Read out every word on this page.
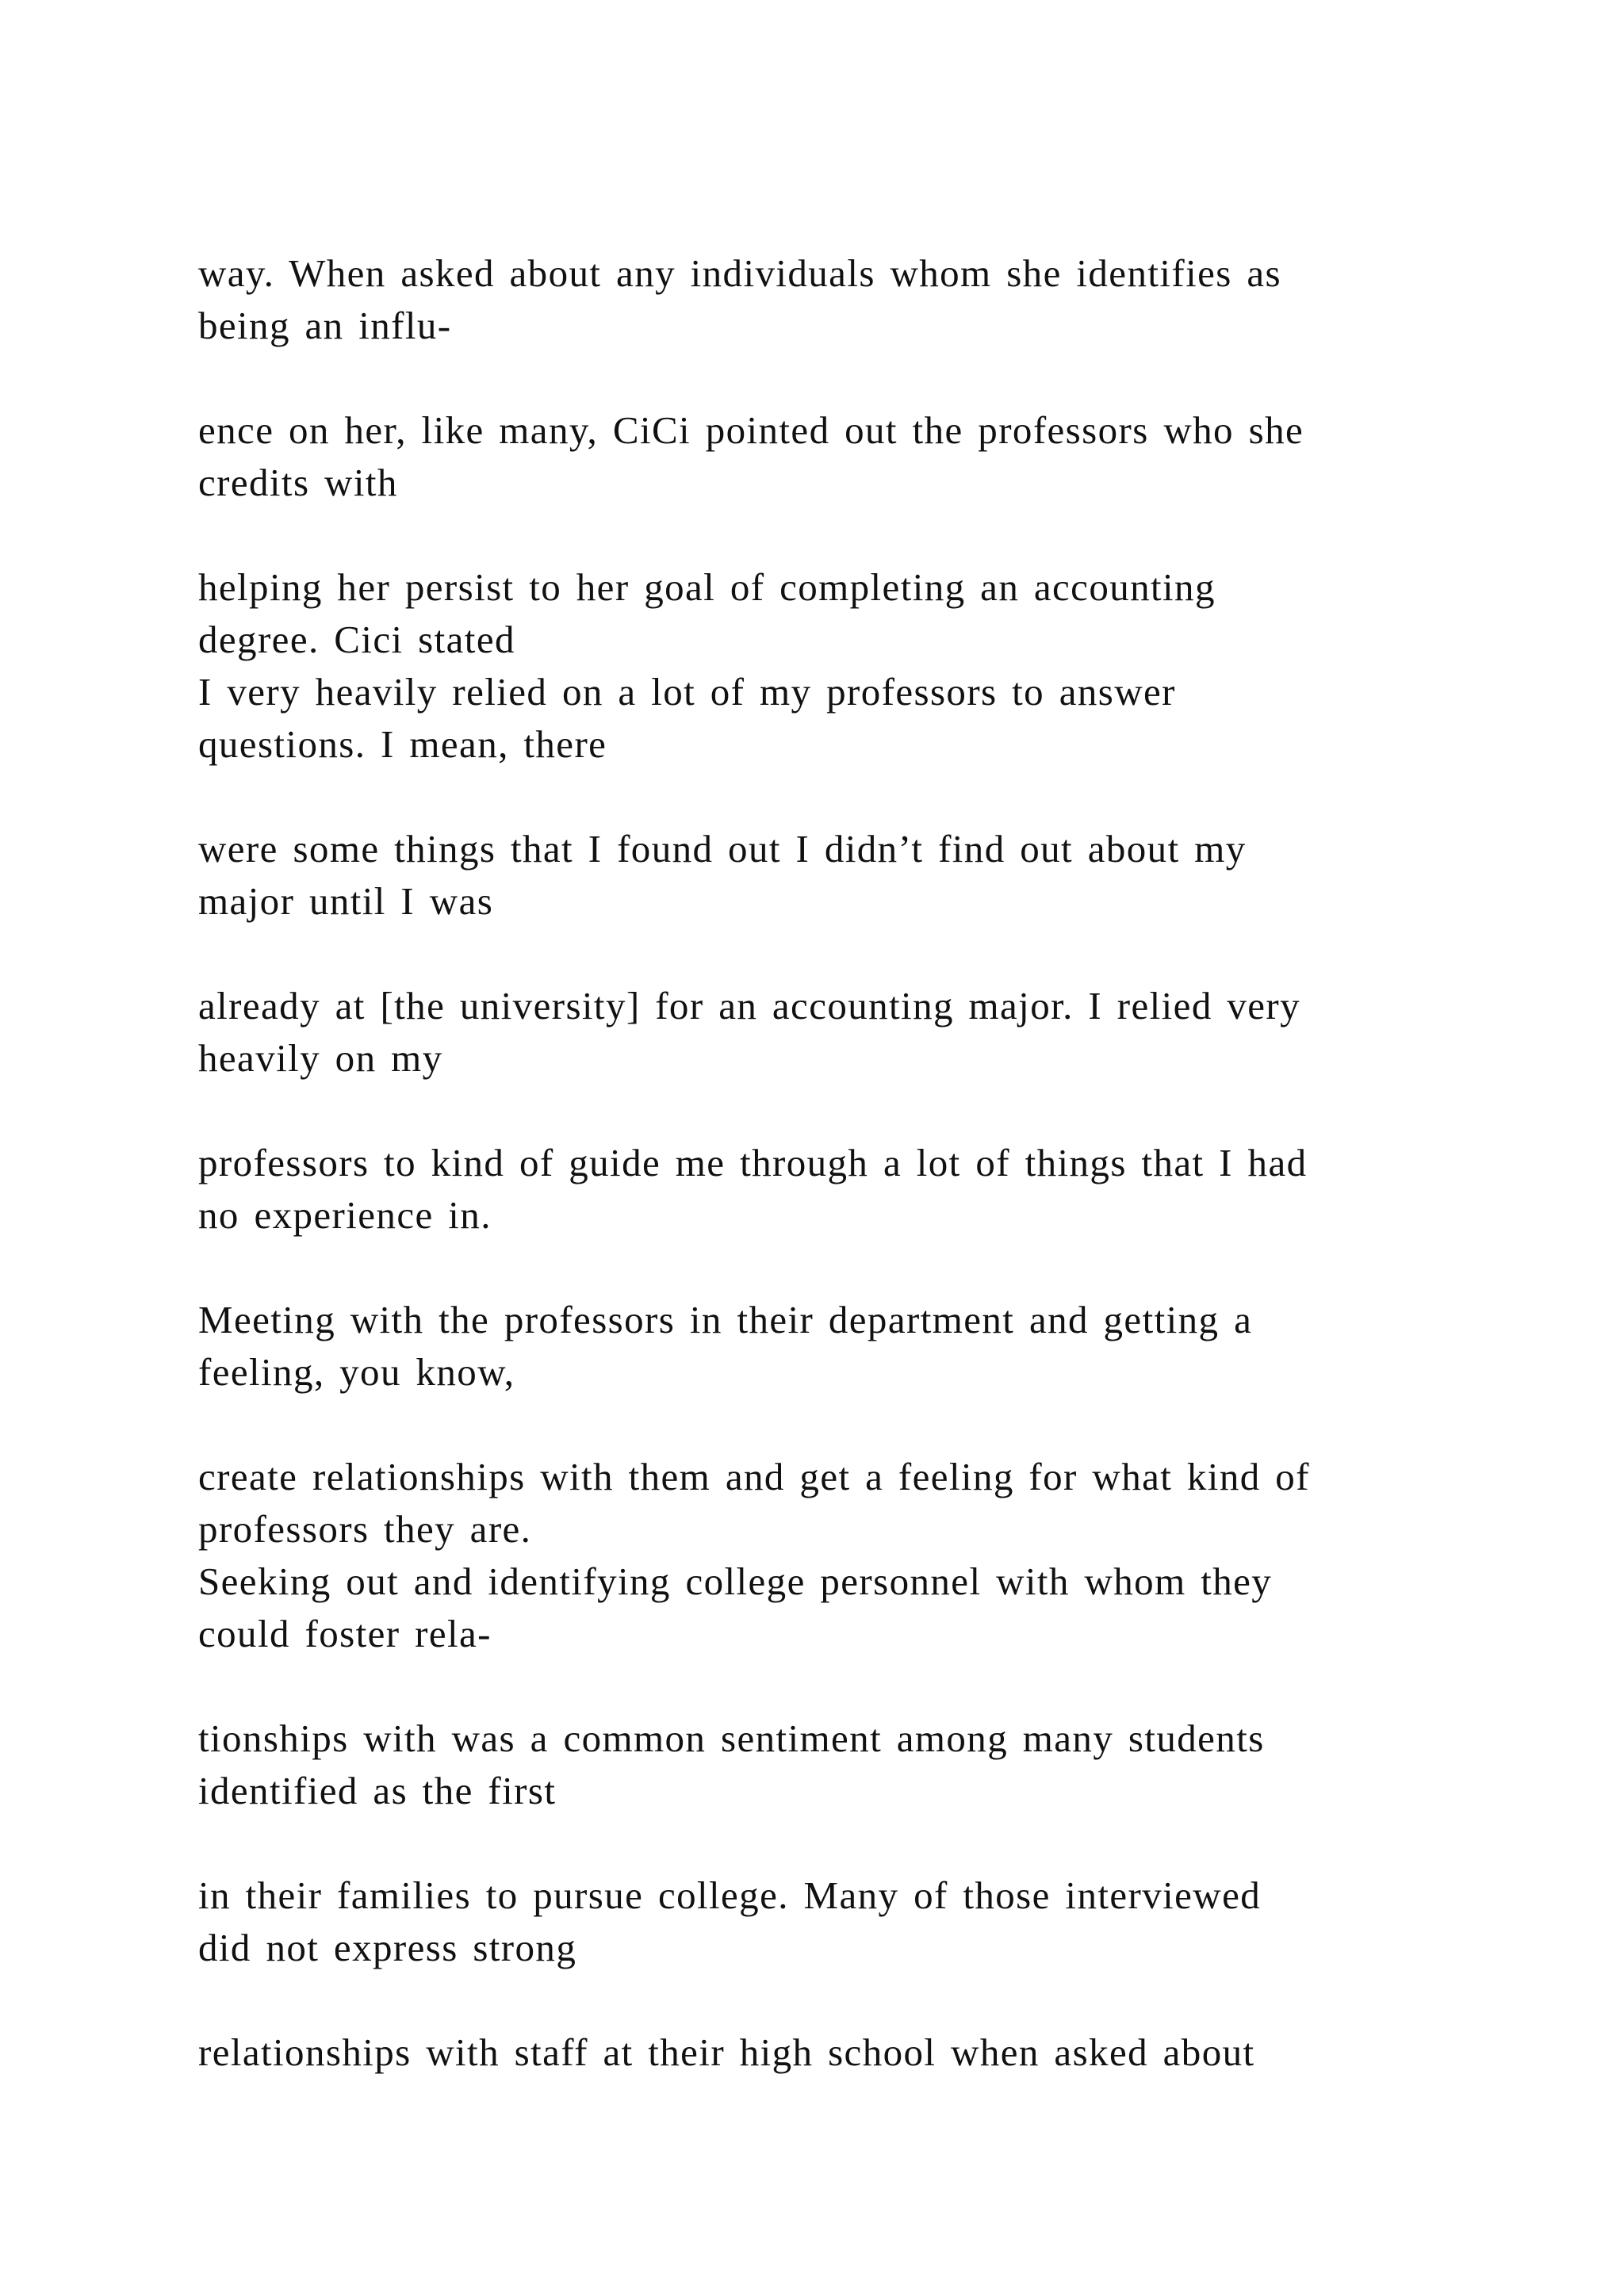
way. When asked about any individuals whom she identifies as
being an influ-
ence on her, like many, CiCi pointed out the professors who she
credits with
helping her persist to her goal of completing an accounting
degree. Cici stated
I very heavily relied on a lot of my professors to answer
questions. I mean, there
were some things that I found out I didn’t find out about my
major until I was
already at [the university] for an accounting major. I relied very
heavily on my
professors to kind of guide me through a lot of things that I had
no experience in.
Meeting with the professors in their department and getting a
feeling, you know,
create relationships with them and get a feeling for what kind of
professors they are.
Seeking out and identifying college personnel with whom they
could foster rela-
tionships with was a common sentiment among many students
identified as the first
in their families to pursue college. Many of those interviewed
did not express strong
relationships with staff at their high school when asked about
